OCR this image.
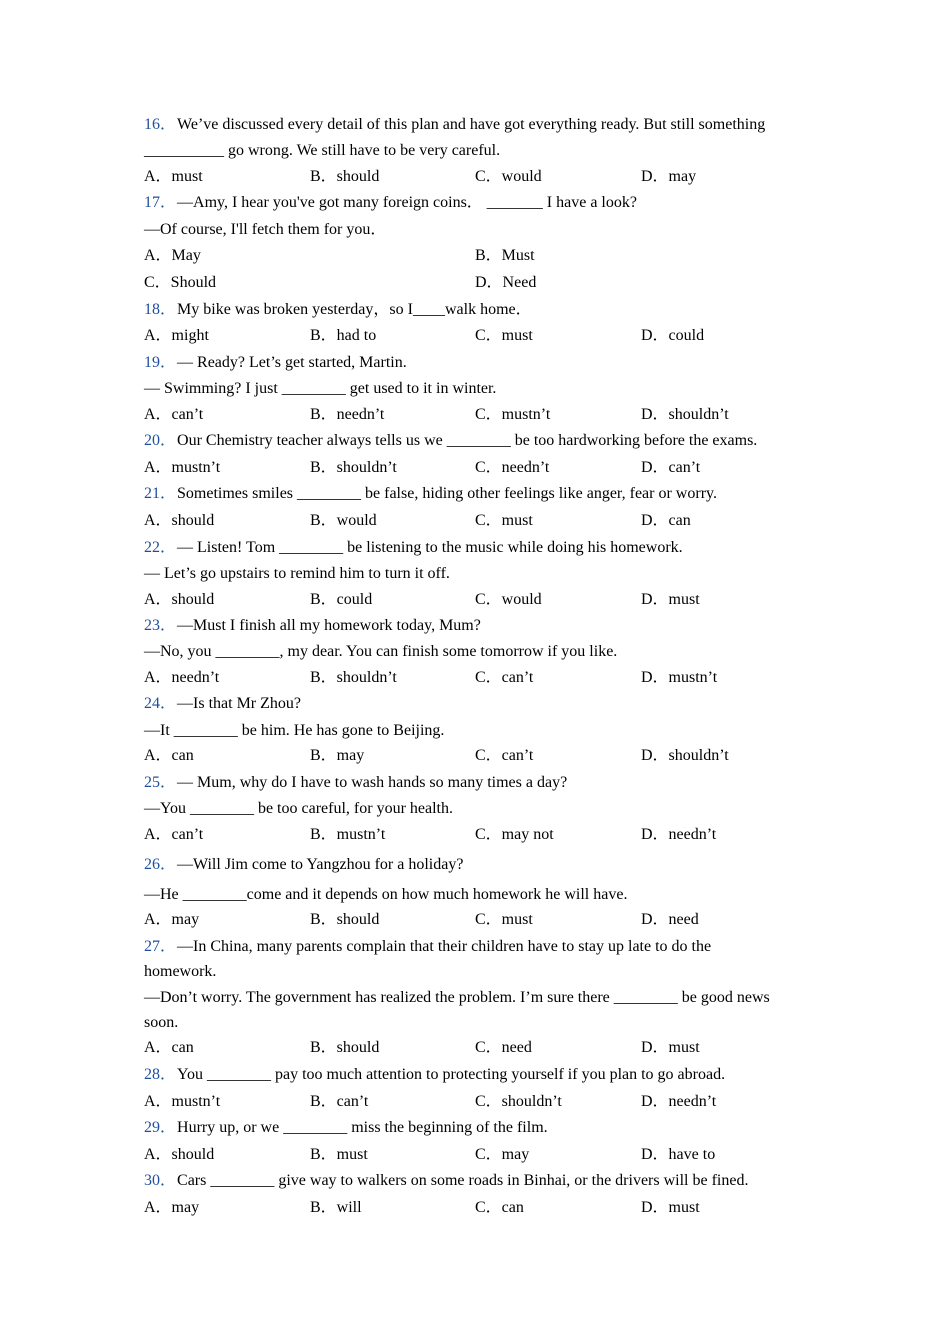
16．We’ve discussed every detail of this plan and have got everything ready. But still something
__________ go wrong. We still have to be very careful.
A．must	B．should	C．would	D．may
17．—Amy, I hear you've got many foreign coins． _______ I have a look?
—Of course, I'll fetch them for you．
A．May	B．Must
C．Should	D．Need
18．My bike was broken yesterday，so I____walk home．
A．might	B．had to	C．must	D．could
19．— Ready? Let’s get started, Martin.
— Swimming? I just ________ get used to it in winter.
A．can’t	B．needn’t	C．mustn’t	D．shouldn’t
20．Our Chemistry teacher always tells us we ________ be too hardworking before the exams.
A．mustn’t	B．shouldn’t	C．needn’t	D．can’t
21．Sometimes smiles ________ be false, hiding other feelings like anger, fear or worry.
A．should	B．would	C．must	D．can
22．— Listen! Tom ________ be listening to the music while doing his homework.
— Let’s go upstairs to remind him to turn it off.
A．should	B．could	C．would	D．must
23．—Must I finish all my homework today, Mum?
—No, you ________, my dear. You can finish some tomorrow if you like.
A．needn’t	B．shouldn’t	C．can’t	D．mustn’t
24．—Is that Mr Zhou?
—It ________ be him. He has gone to Beijing.
A．can	B．may	C．can’t	D．shouldn’t
25．— Mum, why do I have to wash hands so many times a day?
—You ________ be too careful, for your health.
A．can’t	B．mustn’t	C．may not	D．needn’t
26．—Will Jim come to Yangzhou for a holiday?
—He ________come and it depends on how much homework he will have.
A．may	B．should	C．must	D．need
27．—In China, many parents complain that their children have to stay up late to do the
homework.
—Don’t worry. The government has realized the problem. I’m sure there ________ be good news
soon.
A．can	B．should	C．need	D．must
28．You ________ pay too much attention to protecting yourself if you plan to go abroad.
A．mustn’t	B．can’t	C．shouldn’t	D．needn’t
29．Hurry up, or we ________ miss the beginning of the film.
A．should	B．must	C．may	D．have to
30．Cars ________ give way to walkers on some roads in Binhai, or the drivers will be fined.
A．may	B．will	C．can	D．must
